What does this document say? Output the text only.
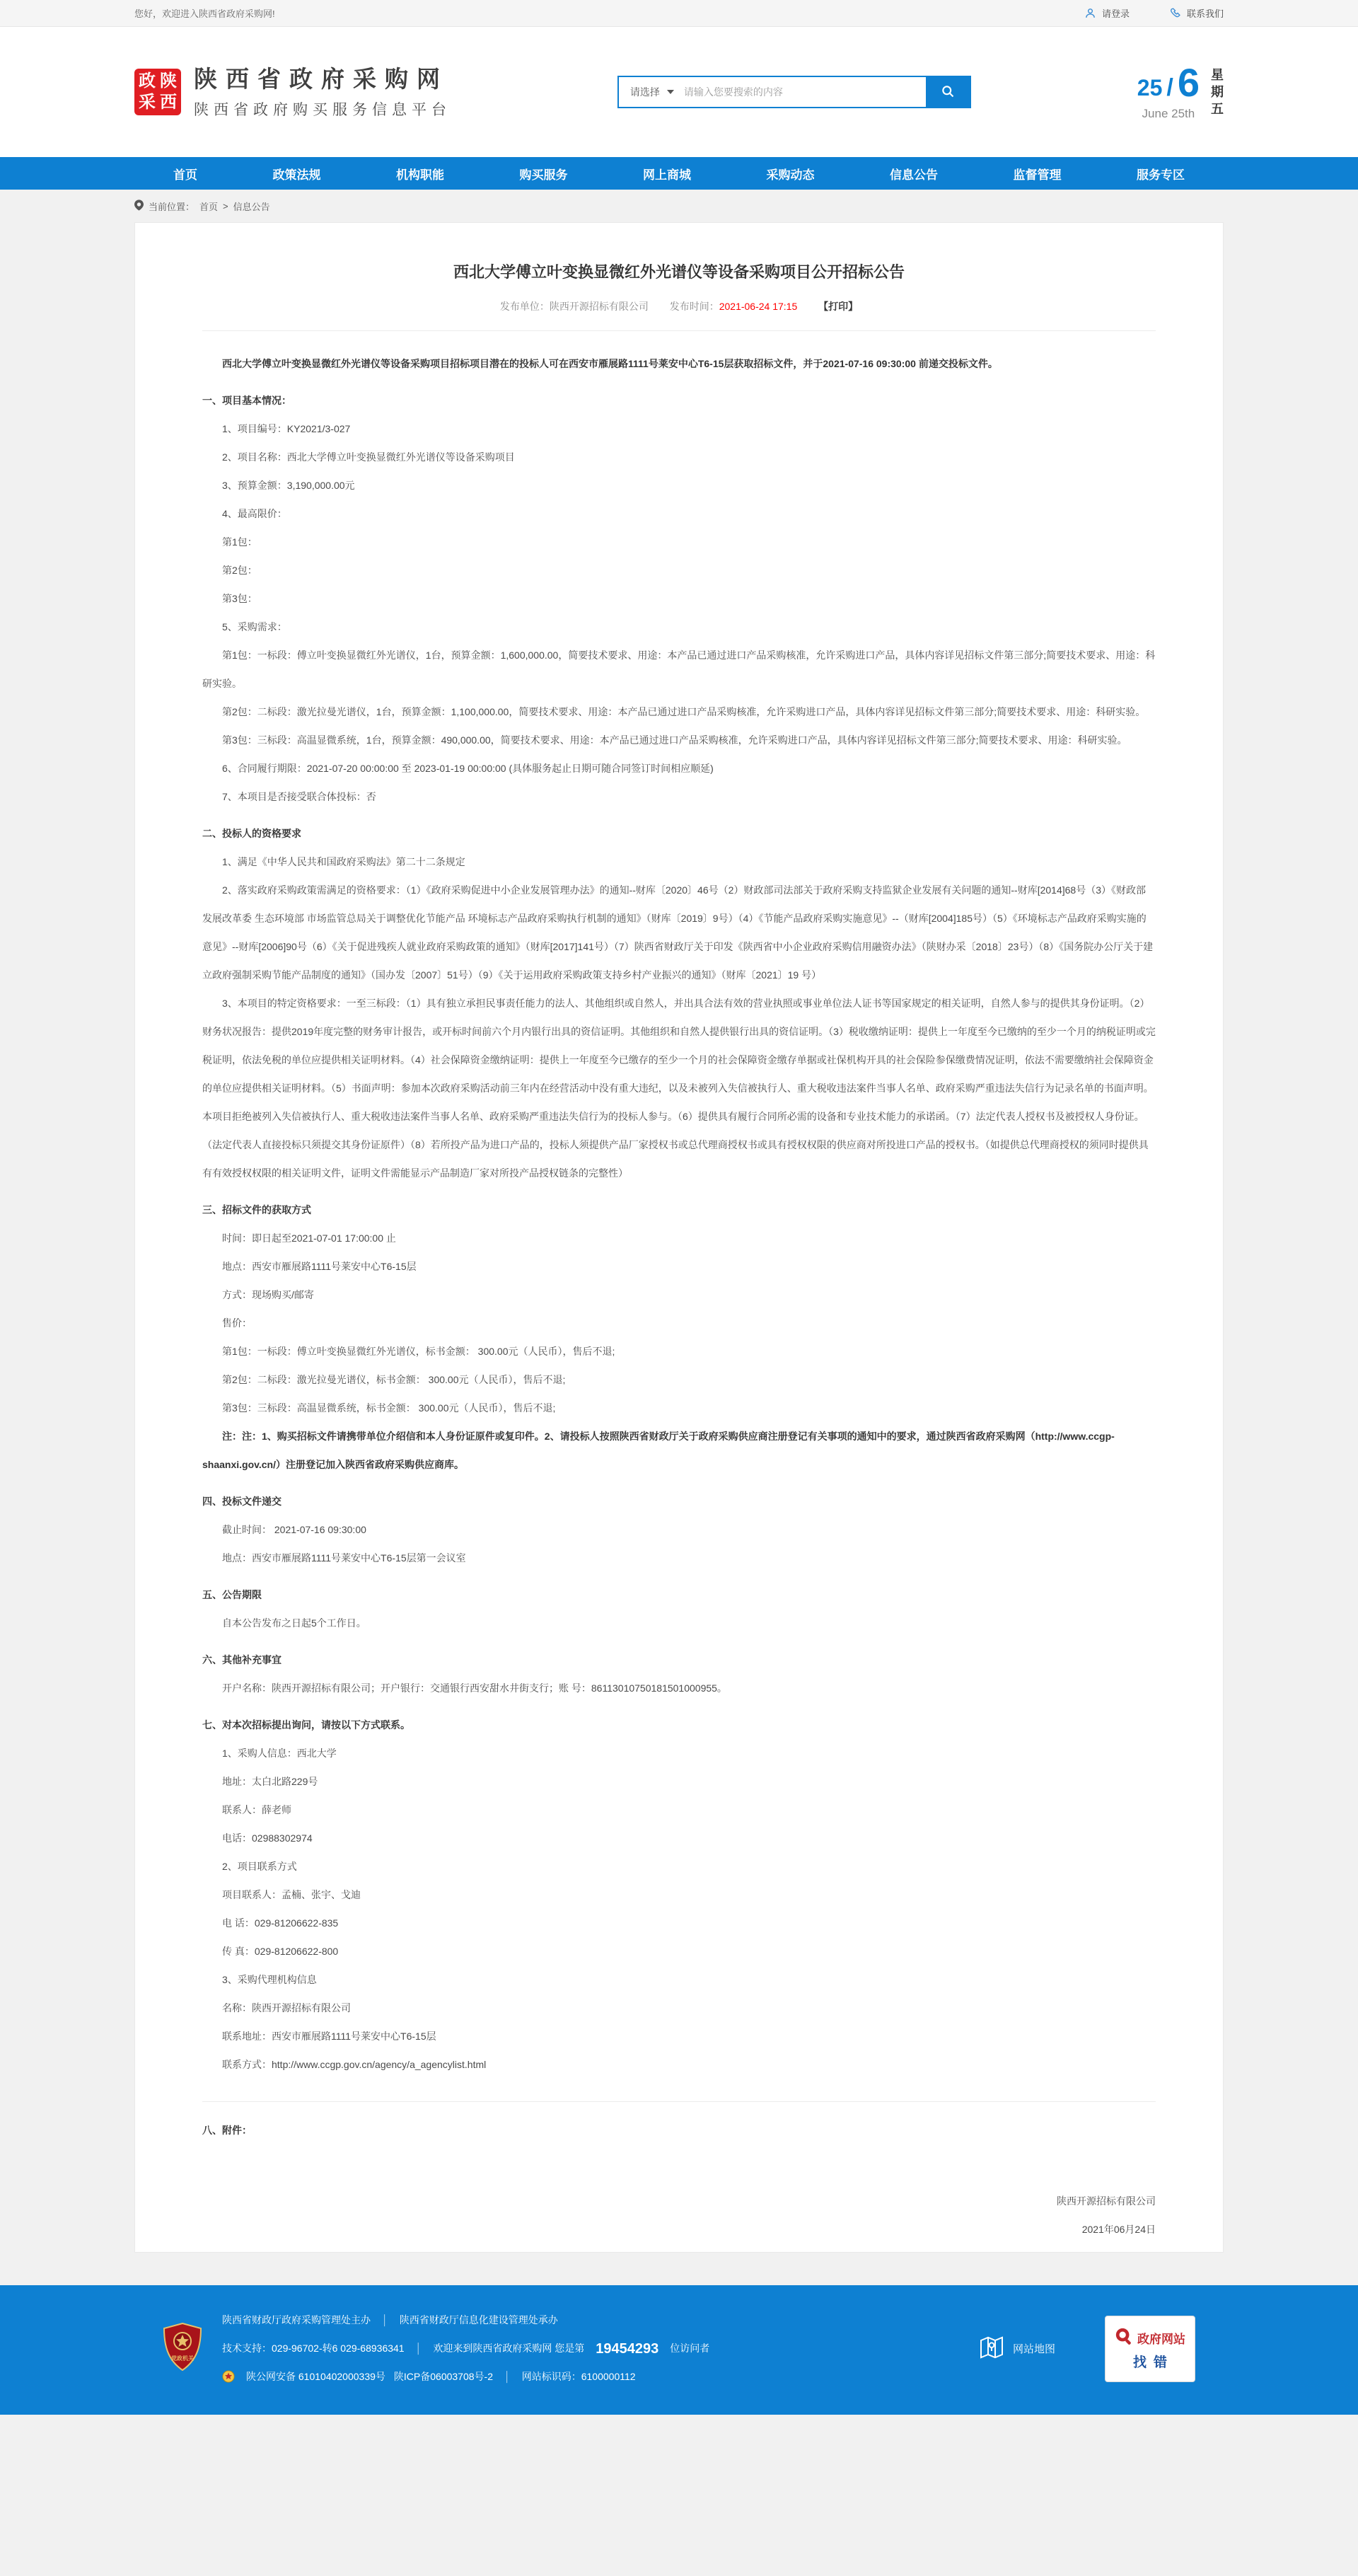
您好，欢迎进入陕西省政府采购网!	请登录	联系我们
政 陕
采 西
陕西省政府采购网
陕西省政府购买服务信息平台
请选择
请输入您要搜索的内容	25 / 6
June 25th
星
期
五
首页	政策法规	机构职能	购买服务	网上商城	采购动态	信息公告	监督管理	服务专区
当前位置： 首页 > 信息公告
西北大学傅立叶变换显微红外光谱仪等设备采购项目公开招标公告
发布单位：陕西开源招标有限公司 发布时间：2021-06-24 17:15 【打印】

西北大学傅立叶变换显微红外光谱仪等设备采购项目招标项目潜在的投标人可在西安市雁展路1111号莱安中心T6-15层获取招标文件，并于2021-07-16 09:30:00 前递交投标文件。

一、项目基本情况：

1、项目编号：KY2021/3-027

2、项目名称：西北大学傅立叶变换显微红外光谱仪等设备采购项目

3、预算金额：3,190,000.00元

4、最高限价：

第1包：

第2包：

第3包：

5、采购需求：

第1包：一标段：傅立叶变换显微红外光谱仪，1台，预算金额：1,600,000.00，简要技术要求、用途：本产品已通过进口产品采购核准，允许采购进口产品，具体内容详见招标文件第三部分;简要技术要求、用途：科研实验。

第2包：二标段：激光拉曼光谱仪，1台，预算金额：1,100,000.00，简要技术要求、用途：本产品已通过进口产品采购核准，允许采购进口产品，具体内容详见招标文件第三部分;简要技术要求、用途：科研实验。

第3包：三标段：高温显微系统，1台，预算金额：490,000.00，简要技术要求、用途：本产品已通过进口产品采购核准，允许采购进口产品，具体内容详见招标文件第三部分;简要技术要求、用途：科研实验。

6、合同履行期限：2021-07-20 00:00:00 至 2023-01-19 00:00:00 (具体服务起止日期可随合同签订时间相应顺延)

7、本项目是否接受联合体投标：否

二、投标人的资格要求

1、满足《中华人民共和国政府采购法》第二十二条规定

2、落实政府采购政策需满足的资格要求：（1）《政府采购促进中小企业发展管理办法》的通知--财库〔2020〕46号（2）财政部司法部关于政府采购支持监狱企业发展有关问题的通知--财库[2014]68号（3）《财政部 发展改革委 生态环境部 市场监管总局关于调整优化节能产品 环境标志产品政府采购执行机制的通知》（财库〔2019〕9号）（4）《节能产品政府采购实施意见》--（财库[2004]185号）（5）《环境标志产品政府采购实施的意见》--财库[2006]90号（6）《关于促进残疾人就业政府采购政策的通知》（财库[2017]141号）（7）陕西省财政厅关于印发《陕西省中小企业政府采购信用融资办法》（陕财办采〔2018〕23号）（8）《国务院办公厅关于建立政府强制采购节能产品制度的通知》（国办发〔2007〕51号）（9）《关于运用政府采购政策支持乡村产业振兴的通知》（财库〔2021〕19 号）

3、本项目的特定资格要求：一至三标段：（1）具有独立承担民事责任能力的法人、其他组织或自然人，并出具合法有效的营业执照或事业单位法人证书等国家规定的相关证明，自然人参与的提供其身份证明。（2）财务状况报告：提供2019年度完整的财务审计报告，或开标时间前六个月内银行出具的资信证明。其他组织和自然人提供银行出具的资信证明。（3）税收缴纳证明：提供上一年度至今已缴纳的至少一个月的纳税证明或完税证明，依法免税的单位应提供相关证明材料。（4）社会保障资金缴纳证明：提供上一年度至今已缴存的至少一个月的社会保障资金缴存单据或社保机构开具的社会保险参保缴费情况证明，依法不需要缴纳社会保障资金的单位应提供相关证明材料。（5）书面声明：参加本次政府采购活动前三年内在经营活动中没有重大违纪，以及未被列入失信被执行人、重大税收违法案件当事人名单、政府采购严重违法失信行为记录名单的书面声明。本项目拒绝被列入失信被执行人、重大税收违法案件当事人名单、政府采购严重违法失信行为的投标人参与。（6）提供具有履行合同所必需的设备和专业技术能力的承诺函。（7）法定代表人授权书及被授权人身份证。（法定代表人直接投标只须提交其身份证原件）（8）若所投产品为进口产品的，投标人须提供产品厂家授权书或总代理商授权书或具有授权权限的供应商对所投进口产品的授权书。（如提供总代理商授权的须同时提供具有有效授权权限的相关证明文件，证明文件需能显示产品制造厂家对所投产品授权链条的完整性）

三、招标文件的获取方式

时间：即日起至2021-07-01 17:00:00 止

地点：西安市雁展路1111号莱安中心T6-15层

方式：现场购买/邮寄

售价：

第1包：一标段：傅立叶变换显微红外光谱仪，标书金额： 300.00元（人民币），售后不退;

第2包：二标段：激光拉曼光谱仪，标书金额： 300.00元（人民币），售后不退;

第3包：三标段：高温显微系统，标书金额： 300.00元（人民币），售后不退;

注：注：1、购买招标文件请携带单位介绍信和本人身份证原件或复印件。2、请投标人按照陕西省财政厅关于政府采购供应商注册登记有关事项的通知中的要求，通过陕西省政府采购网（http://www.ccgp-shaanxi.gov.cn/）注册登记加入陕西省政府采购供应商库。

四、投标文件递交

截止时间： 2021-07-16 09:30:00

地点：西安市雁展路1111号莱安中心T6-15层第一会议室

五、公告期限

自本公告发布之日起5个工作日。

六、其他补充事宜

开户名称：陕西开源招标有限公司；开户银行：交通银行西安甜水井街支行；账 号：86113010750181501000955。

七、对本次招标提出询问，请按以下方式联系。

1、采购人信息：西北大学

地址：太白北路229号

联系人：薛老师

电话：02988302974

2、项目联系方式

项目联系人：孟楠、张宇、戈迪

电 话：029-81206622-835

传 真：029-81206622-800

3、采购代理机构信息

名称：陕西开源招标有限公司

联系地址：西安市雁展路1111号莱安中心T6-15层

联系方式：http://www.ccgp.gov.cn/agency/a_agencylist.html

八、附件：

陕西开源招标有限公司

2021年06月24日

党政机关
陕西省财政厅政府采购管理处主办 │ 陕西省财政厅信息化建设管理处承办
技术支持：029-96702-转6 029-68936341 │ 欢迎来到陕西省政府采购网 您是第 19454293 位访问者
陕公网安备 61010402000339号 陕ICP备06003708号-2 │ 网站标识码：6100000112
网站地图
政府网站
找错
